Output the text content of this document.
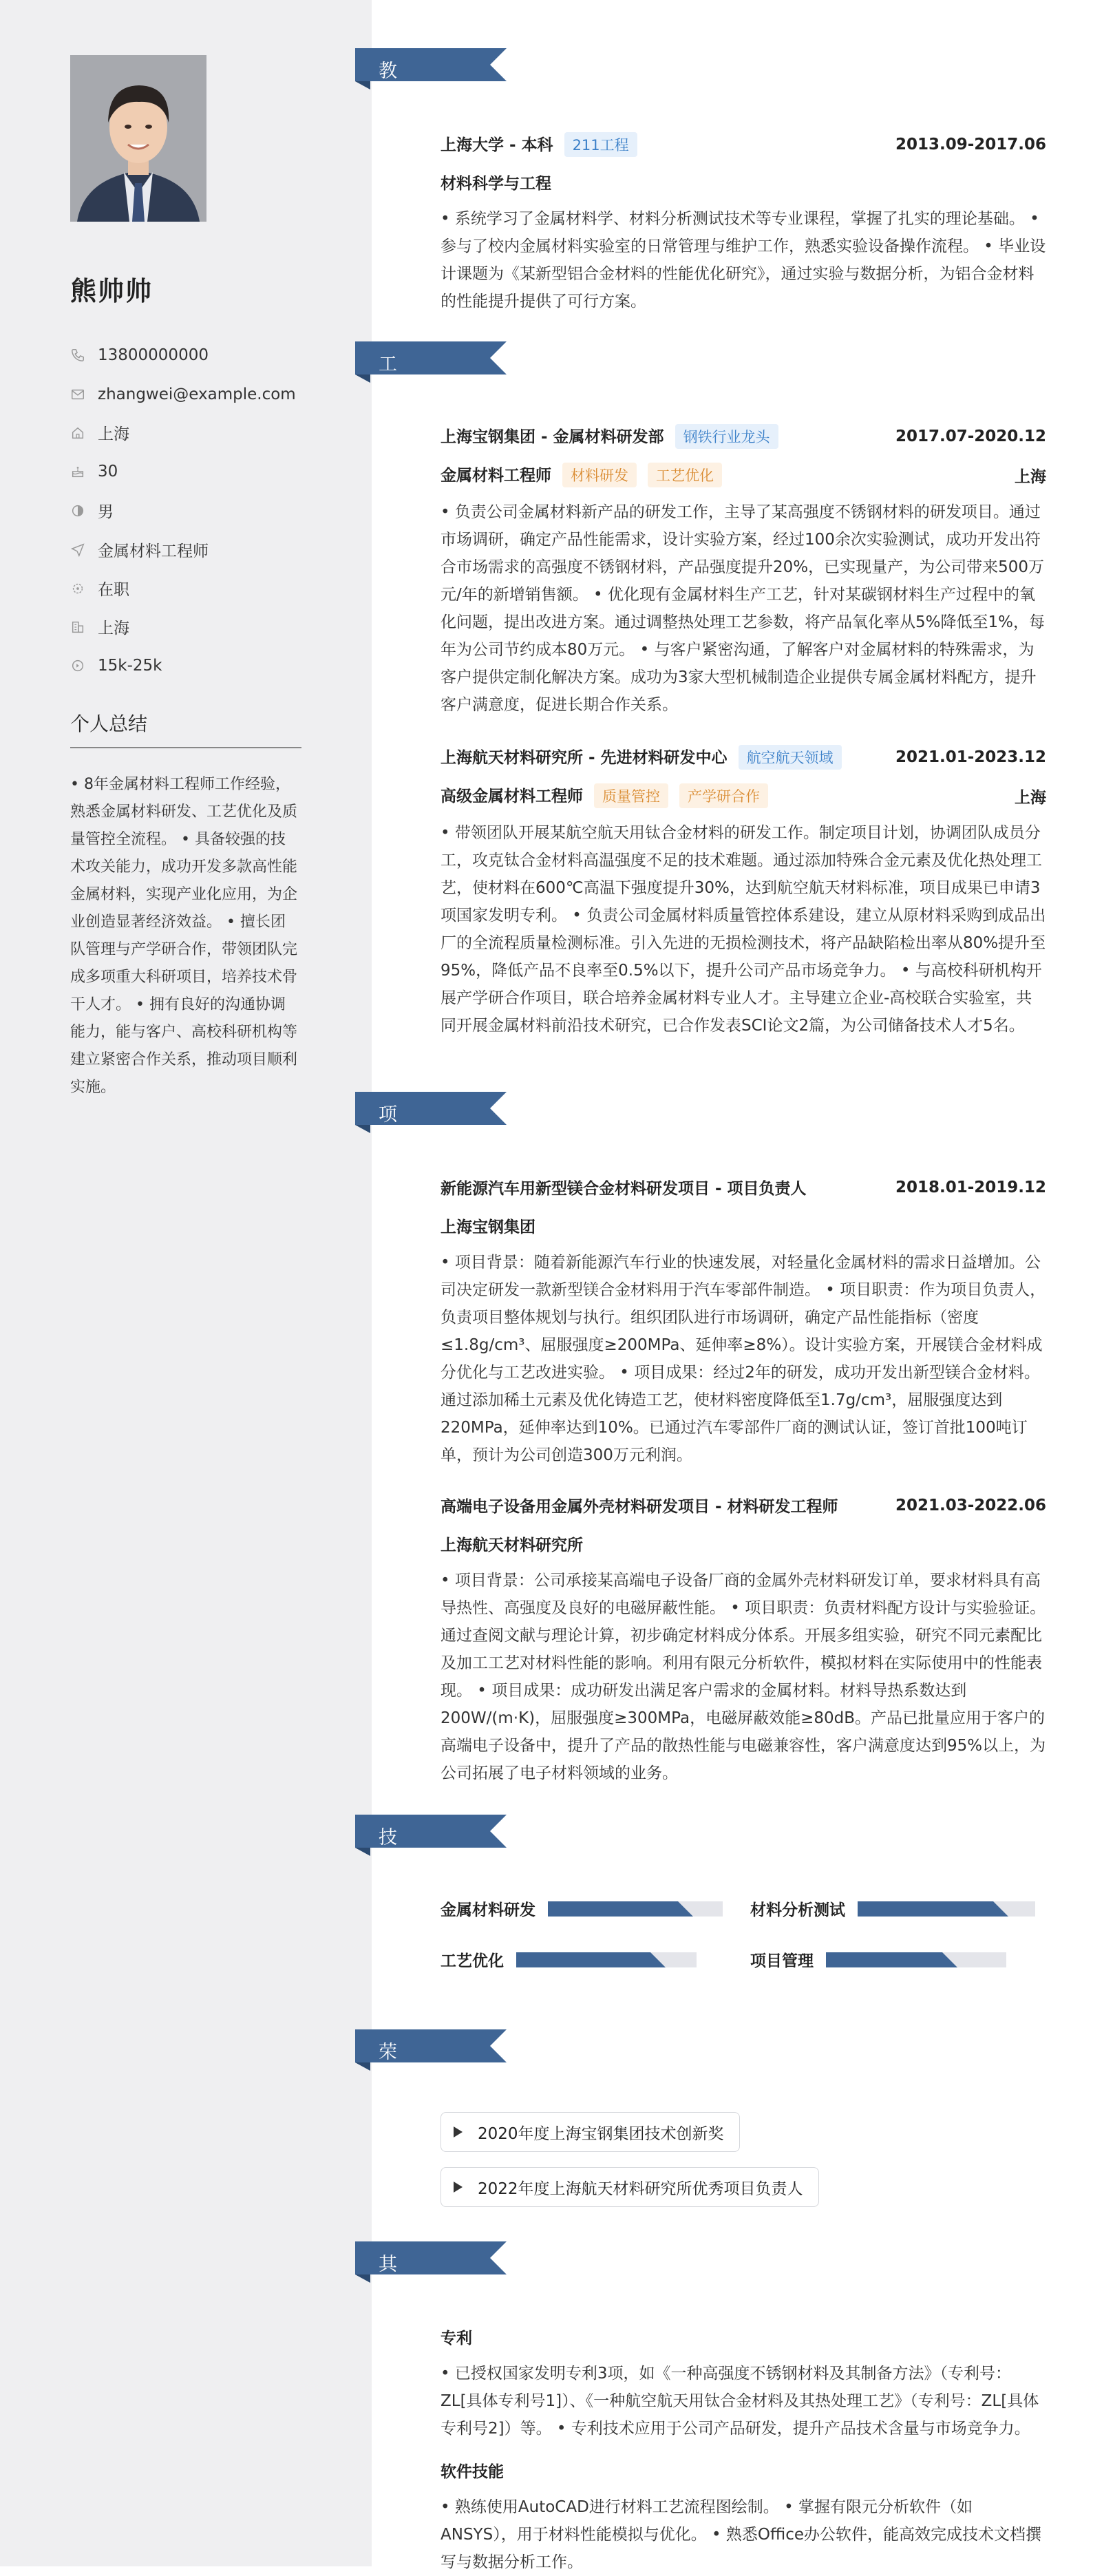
熊帅帅
13800000000
zhangwei@example.com
上海
30
男
金属材料工程师
在职
上海
15k-25k
个人总结
• 8年金属材料工程师工作经验，熟悉金属材料研发、工艺优化及质量管控全流程。 • 具备较强的技术攻关能力，成功开发多款高性能金属材料，实现产业化应用，为企业创造显著经济效益。 • 擅长团队管理与产学研合作，带领团队完成多项重大科研项目，培养技术骨干人才。 • 拥有良好的沟通协调能力，能与客户、高校科研机构等建立紧密合作关系，推动项目顺利实施。
教育经历	上海大学 - 本科 211工程	2013.09-2017.06
材料科学与工程
• 系统学习了金属材料学、材料分析测试技术等专业课程，掌握了扎实的理论基础。 • 参与了校内金属材料实验室的日常管理与维护工作，熟悉实验设备操作流程。 • 毕业设计课题为《某新型铝合金材料的性能优化研究》，通过实验与数据分析，为铝合金材料的性能提升提供了可行方案。
工作经历	上海宝钢集团 - 金属材料研发部 钢铁行业龙头	2017.07-2020.12
金属材料工程师 材料研发 工艺优化	上海
• 负责公司金属材料新产品的研发工作，主导了某高强度不锈钢材料的研发项目。通过市场调研，确定产品性能需求，设计实验方案，经过100余次实验测试，成功开发出符合市场需求的高强度不锈钢材料，产品强度提升20%，已实现量产，为公司带来500万元/年的新增销售额。 • 优化现有金属材料生产工艺，针对某碳钢材料生产过程中的氧化问题，提出改进方案。通过调整热处理工艺参数，将产品氧化率从5%降低至1%，每年为公司节约成本80万元。 • 与客户紧密沟通，了解客户对金属材料的特殊需求，为客户提供定制化解决方案。成功为3家大型机械制造企业提供专属金属材料配方，提升客户满意度，促进长期合作关系。
上海航天材料研究所 - 先进材料研发中心 航空航天领域	2021.01-2023.12
高级金属材料工程师 质量管控 产学研合作	上海
• 带领团队开展某航空航天用钛合金材料的研发工作。制定项目计划，协调团队成员分工，攻克钛合金材料高温强度不足的技术难题。通过添加特殊合金元素及优化热处理工艺，使材料在600℃高温下强度提升30%，达到航空航天材料标准，项目成果已申请3项国家发明专利。 • 负责公司金属材料质量管控体系建设，建立从原材料采购到成品出厂的全流程质量检测标准。引入先进的无损检测技术，将产品缺陷检出率从80%提升至95%，降低产品不良率至0.5%以下，提升公司产品市场竞争力。 • 与高校科研机构开展产学研合作项目，联合培养金属材料专业人才。主导建立企业-高校联合实验室，共同开展金属材料前沿技术研究，已合作发表SCI论文2篇，为公司储备技术人才5名。
项目经历	新能源汽车用新型镁合金材料研发项目 - 项目负责人	2018.01-2019.12
上海宝钢集团
• 项目背景：随着新能源汽车行业的快速发展，对轻量化金属材料的需求日益增加。公司决定研发一款新型镁合金材料用于汽车零部件制造。 • 项目职责：作为项目负责人，负责项目整体规划与执行。组织团队进行市场调研，确定产品性能指标（密度≤1.8g/cm³、屈服强度≥200MPa、延伸率≥8%）。设计实验方案，开展镁合金材料成分优化与工艺改进实验。 • 项目成果：经过2年的研发，成功开发出新型镁合金材料。通过添加稀土元素及优化铸造工艺，使材料密度降低至1.7g/cm³，屈服强度达到220MPa，延伸率达到10%。已通过汽车零部件厂商的测试认证，签订首批100吨订单，预计为公司创造300万元利润。
高端电子设备用金属外壳材料研发项目 - 材料研发工程师	2021.03-2022.06
上海航天材料研究所
• 项目背景：公司承接某高端电子设备厂商的金属外壳材料研发订单，要求材料具有高导热性、高强度及良好的电磁屏蔽性能。 • 项目职责：负责材料配方设计与实验验证。通过查阅文献与理论计算，初步确定材料成分体系。开展多组实验，研究不同元素配比及加工工艺对材料性能的影响。利用有限元分析软件，模拟材料在实际使用中的性能表现。 • 项目成果：成功研发出满足客户需求的金属材料。材料导热系数达到200W/(m·K)，屈服强度≥300MPa，电磁屏蔽效能≥80dB。产品已批量应用于客户的高端电子设备中，提升了产品的散热性能与电磁兼容性，客户满意度达到95%以上，为公司拓展了电子材料领域的业务。
技能专长	金属材料研发	材料分析测试
工艺优化	项目管理
荣誉奖项	2020年度上海宝钢集团技术创新奖
2022年度上海航天材料研究所优秀项目负责人
其他信息	专利
• 已授权国家发明专利3项，如《一种高强度不锈钢材料及其制备方法》（专利号：ZL[具体专利号1]）、《一种航空航天用钛合金材料及其热处理工艺》（专利号：ZL[具体专利号2]）等。 • 专利技术应用于公司产品研发，提升产品技术含量与市场竞争力。
软件技能
• 熟练使用AutoCAD进行材料工艺流程图绘制。 • 掌握有限元分析软件（如ANSYS），用于材料性能模拟与优化。 • 熟悉Office办公软件，能高效完成技术文档撰写与数据分析工作。
